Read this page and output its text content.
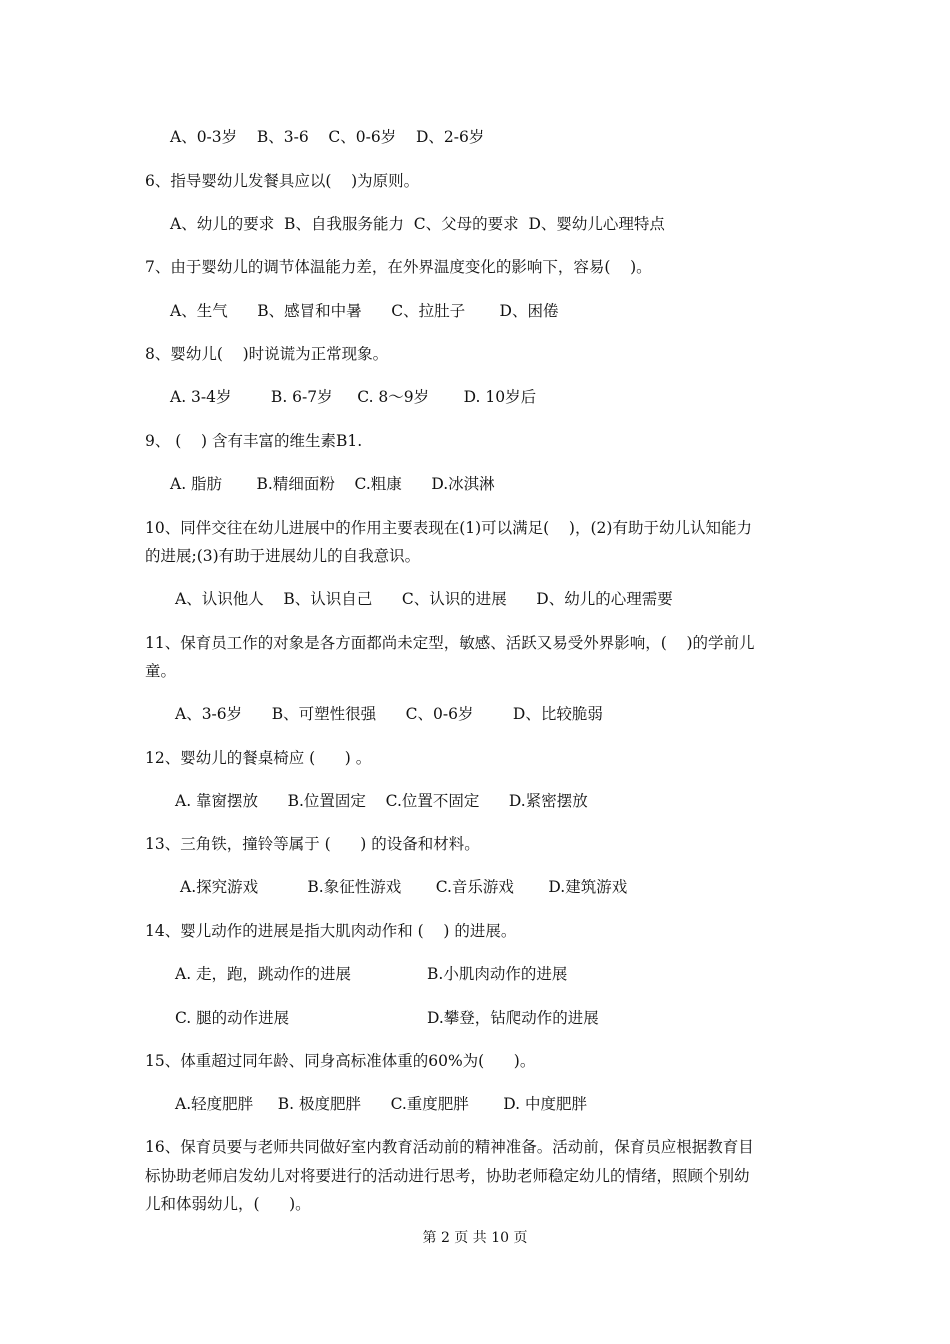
A、0-3岁    B、3-6    C、0-6岁    D、2-6岁
6、指导婴幼儿发餐具应以(    )为原则。
A、幼儿的要求  B、自我服务能力  C、父母的要求  D、婴幼儿心理特点
7、由于婴幼儿的调节体温能力差，在外界温度变化的影响下，容易(    )。
A、生气      B、感冒和中暑      C、拉肚子       D、困倦
8、婴幼儿(    )时说谎为正常现象。
A. 3-4岁        B. 6-7岁     C. 8～9岁       D. 10岁后
9、 (    ) 含有丰富的维生素B1.
A. 脂肪       B.精细面粉    C.粗康      D.冰淇淋
10、同伴交往在幼儿进展中的作用主要表现在(1)可以满足(    )，(2)有助于幼儿认知能力
的进展;(3)有助于进展幼儿的自我意识。
A、认识他人    B、认识自己      C、认识的进展      D、幼儿的心理需要
11、保育员工作的对象是各方面都尚未定型，敏感、活跃又易受外界影响，(    )的学前儿
童。
A、3-6岁      B、可塑性很强      C、0-6岁        D、比较脆弱
12、婴幼儿的餐桌椅应 (      ) 。
A. 靠窗摆放      B.位置固定    C.位置不固定      D.紧密摆放
13、三角铁，撞铃等属于 (      ) 的设备和材料。
A.探究游戏          B.象征性游戏       C.音乐游戏       D.建筑游戏
14、婴儿动作的进展是指大肌肉动作和 (    ) 的进展。
A. 走，跑，跳动作的进展	B.小肌肉动作的进展
C. 腿的动作进展	D.攀登，钻爬动作的进展
15、体重超过同年龄、同身高标准体重的60%为(      )。
A.轻度肥胖     B. 极度肥胖      C.重度肥胖       D. 中度肥胖
16、保育员要与老师共同做好室内教育活动前的精神准备。活动前，保育员应根据教育目
标协助老师启发幼儿对将要进行的活动进行思考，协助老师稳定幼儿的情绪，照顾个别幼
儿和体弱幼儿，(      )。
第 2 页 共 10 页
